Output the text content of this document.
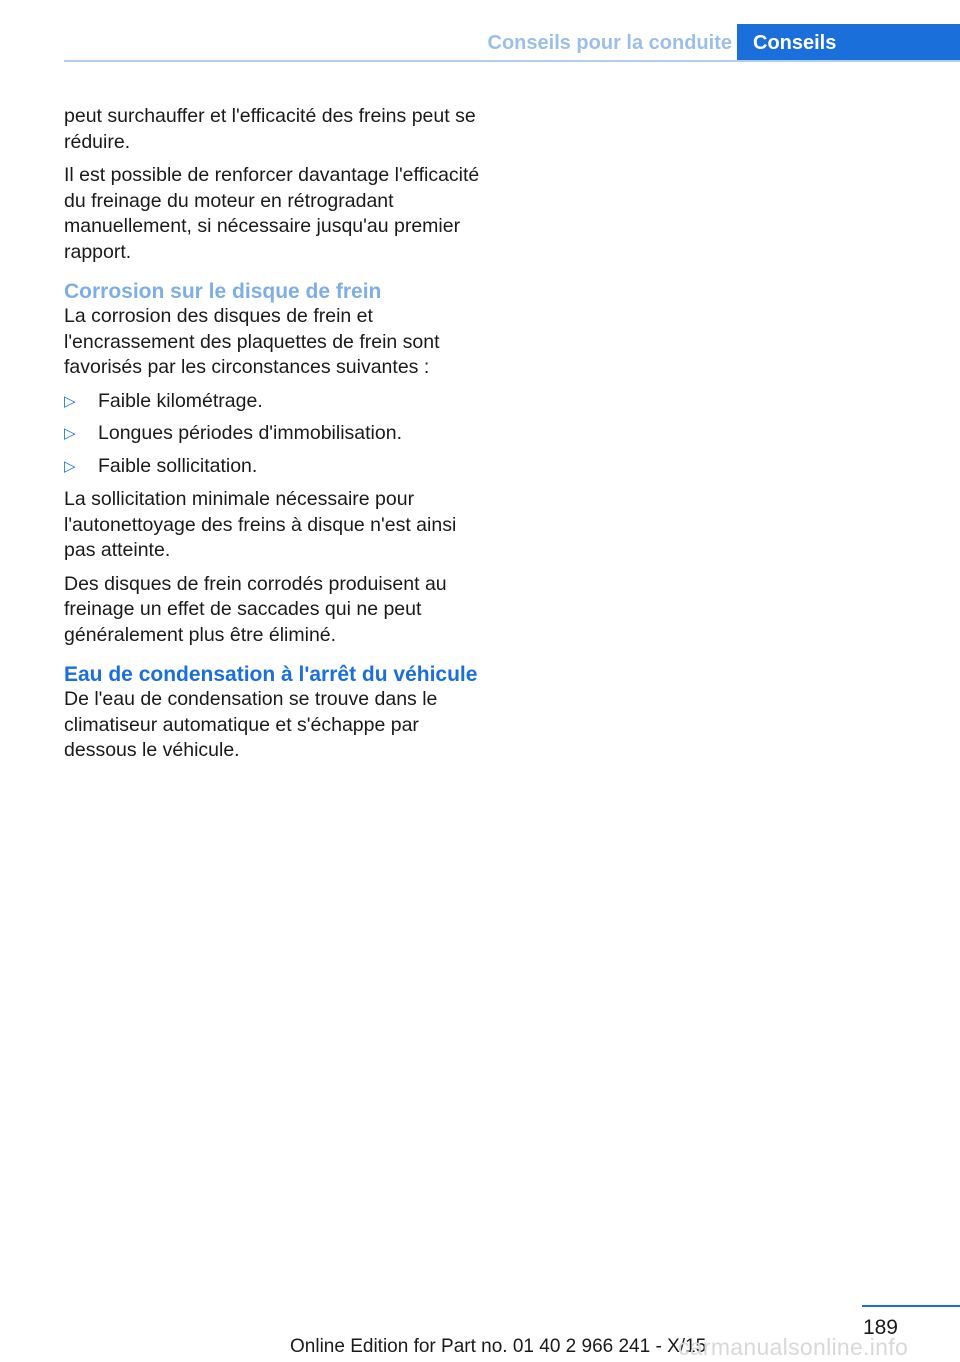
Conseils pour la conduite	Conseils

peut surchauffer et l'efficacité des freins peut se réduire.

Il est possible de renforcer davantage l'efficacité du freinage du moteur en rétrogradant manuellement, si nécessaire jusqu'au premier rapport.

Corrosion sur le disque de frein

La corrosion des disques de frein et l'encrassement des plaquettes de frein sont favorisés par les circonstances suivantes :

▷ Faible kilométrage.
▷ Longues périodes d'immobilisation.
▷ Faible sollicitation.

La sollicitation minimale nécessaire pour l'autonettoyage des freins à disque n'est ainsi pas atteinte.

Des disques de frein corrodés produisent au freinage un effet de saccades qui ne peut généralement plus être éliminé.

Eau de condensation à l'arrêt du véhicule

De l'eau de condensation se trouve dans le climatiseur automatique et s'échappe par dessous le véhicule.

189
Online Edition for Part no. 01 40 2 966 241 - X/15
carmanualsonline.info
